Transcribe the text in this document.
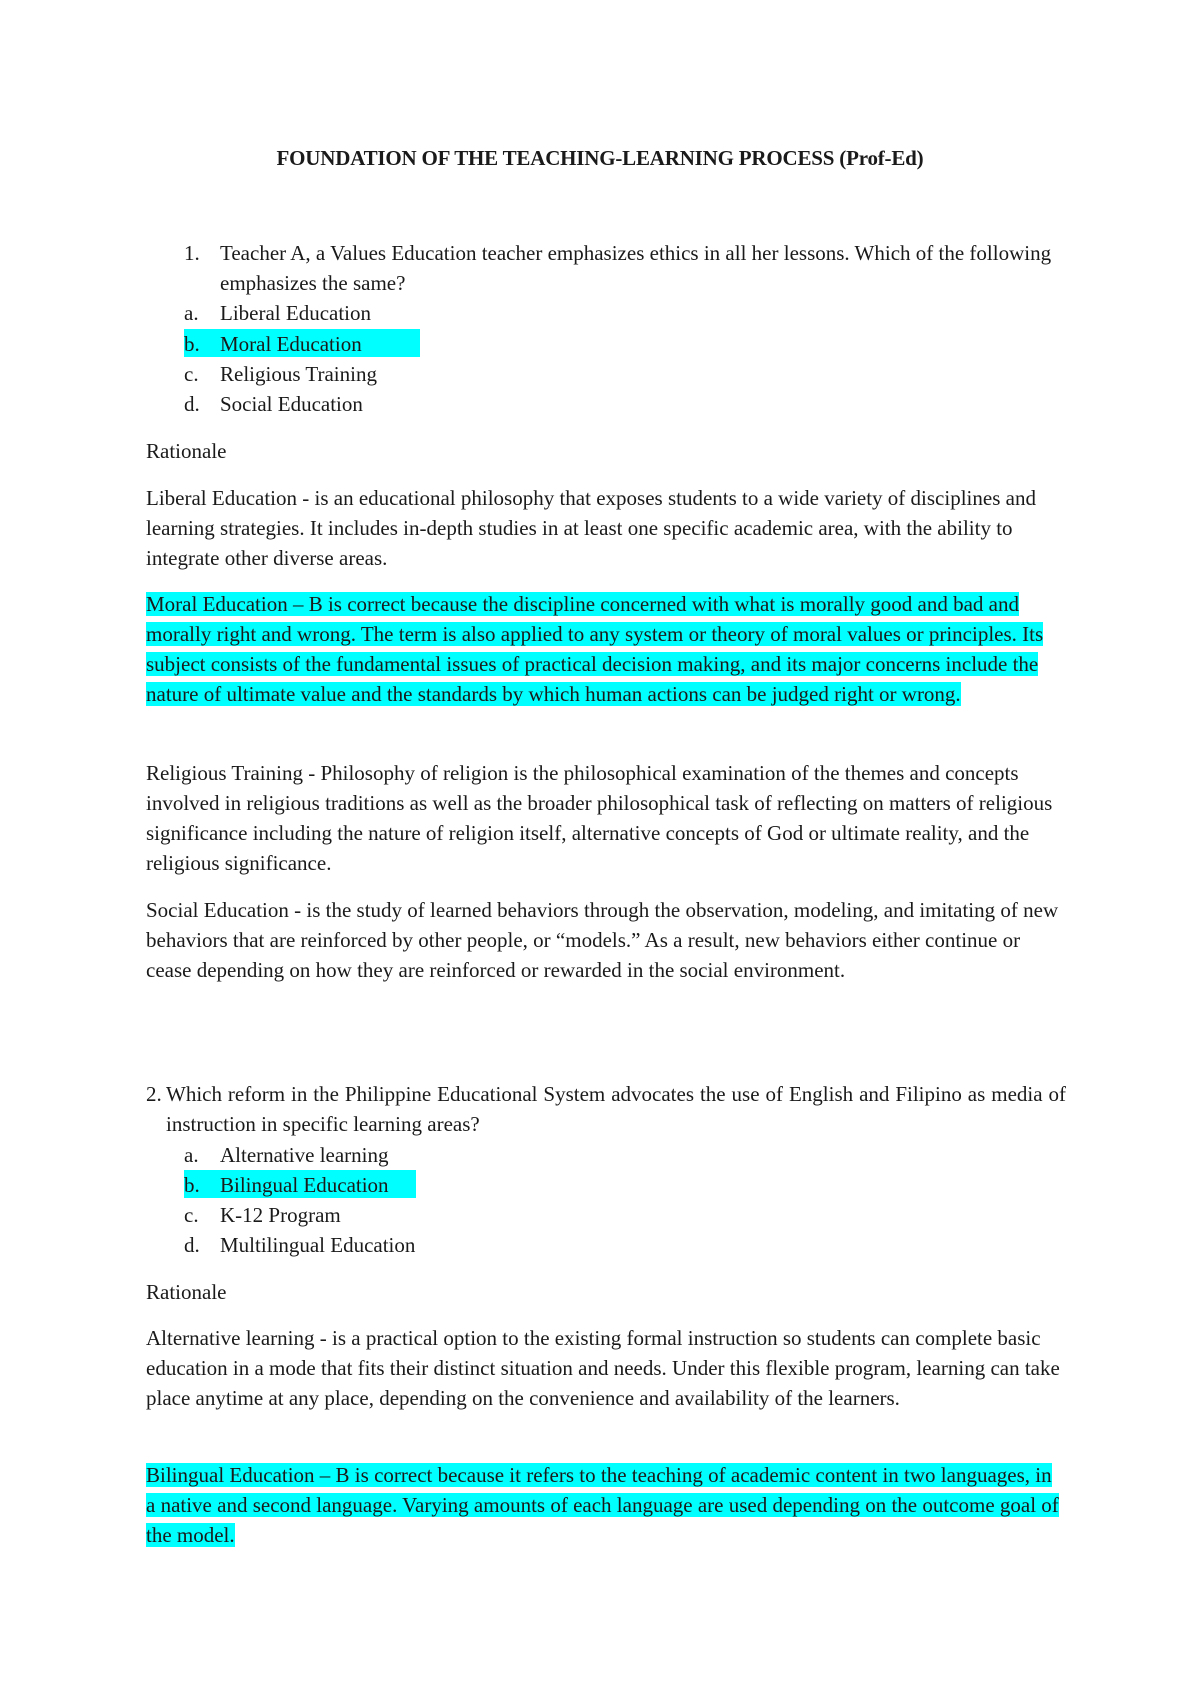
FOUNDATION OF THE TEACHING-LEARNING PROCESS (Prof-Ed)
1. Teacher A, a Values Education teacher emphasizes ethics in all her lessons. Which of the following emphasizes the same?
a. Liberal Education
b. Moral Education
c. Religious Training
d. Social Education
Rationale

Liberal Education - is an educational philosophy that exposes students to a wide variety of disciplines and learning strategies. It includes in-depth studies in at least one specific academic area, with the ability to integrate other diverse areas.

Moral Education – B is correct because the discipline concerned with what is morally good and bad and morally right and wrong. The term is also applied to any system or theory of moral values or principles. Its subject consists of the fundamental issues of practical decision making, and its major concerns include the nature of ultimate value and the standards by which human actions can be judged right or wrong.

Religious Training - Philosophy of religion is the philosophical examination of the themes and concepts involved in religious traditions as well as the broader philosophical task of reflecting on matters of religious significance including the nature of religion itself, alternative concepts of God or ultimate reality, and the religious significance.

Social Education - is the study of learned behaviors through the observation, modeling, and imitating of new behaviors that are reinforced by other people, or “models.” As a result, new behaviors either continue or cease depending on how they are reinforced or rewarded in the social environment.

2. Which reform in the Philippine Educational System advocates the use of English and Filipino as media of instruction in specific learning areas?
a. Alternative learning
b. Bilingual Education
c. K-12 Program
d. Multilingual Education
Rationale

Alternative learning - is a practical option to the existing formal instruction so students can complete basic education in a mode that fits their distinct situation and needs. Under this flexible program, learning can take place anytime at any place, depending on the convenience and availability of the learners.

Bilingual Education – B is correct because it refers to the teaching of academic content in two languages, in a native and second language. Varying amounts of each language are used depending on the outcome goal of the model.
